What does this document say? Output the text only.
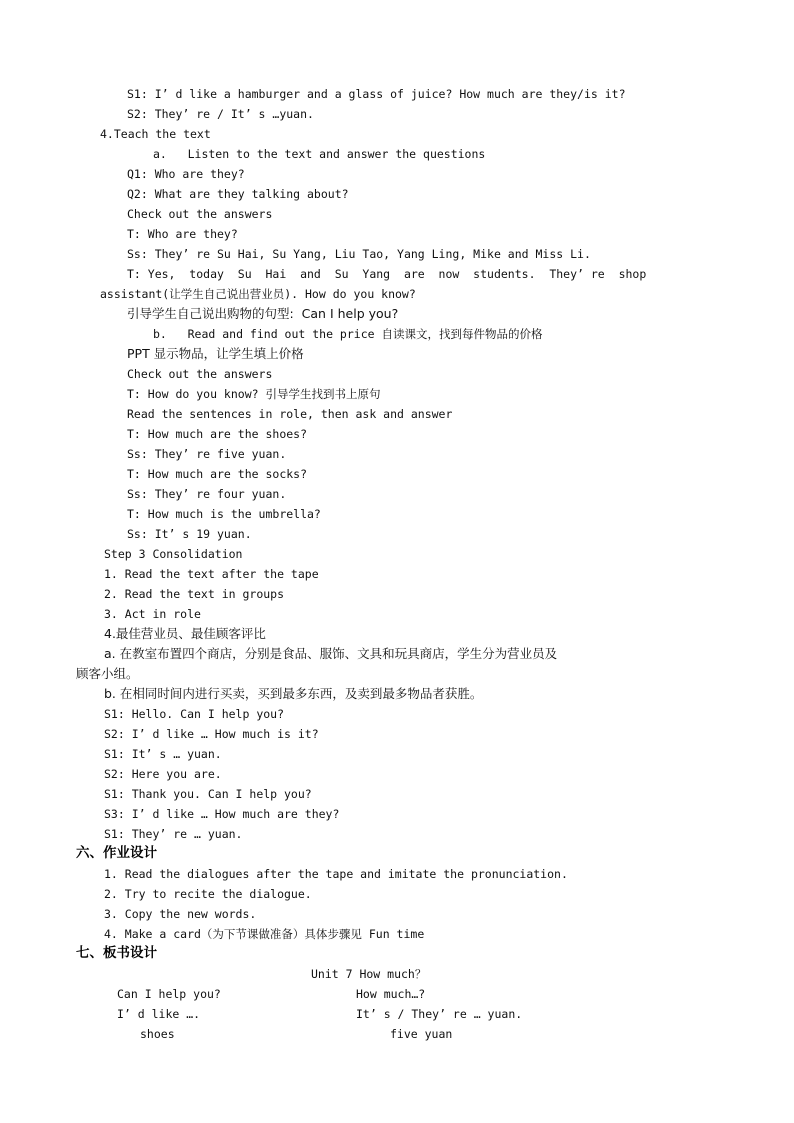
S1: I’ d like a hamburger and a glass of juice? How much are they/is it?
S2: They’ re / It’ s …yuan.
4.Teach the text
a.   Listen to the text and answer the questions
Q1: Who are they?
Q2: What are they talking about?
Check out the answers
T: Who are they?
Ss: They’ re Su Hai, Su Yang, Liu Tao, Yang Ling, Mike and Miss Li.
T: Yes,  today  Su  Hai  and  Su  Yang  are  now  students.  They’ re  shop
assistant(让学生自己说出营业员). How do you know?
引导学生自己说出购物的句型:  Can I help you?
b.   Read and find out the price 自读课文，找到每件物品的价格
PPT 显示物品，让学生填上价格
Check out the answers
T: How do you know? 引导学生找到书上原句
Read the sentences in role, then ask and answer
T: How much are the shoes?
Ss: They’ re five yuan.
T: How much are the socks?
Ss: They’ re four yuan.
T: How much is the umbrella?
Ss: It’ s 19 yuan.
Step 3 Consolidation
1. Read the text after the tape
2. Read the text in groups
3. Act in role
4.最佳营业员、最佳顾客评比
a. 在教室布置四个商店，分别是食品、服饰、文具和玩具商店，学生分为营业员及
顾客小组。
b. 在相同时间内进行买卖，买到最多东西，及卖到最多物品者获胜。
S1: Hello. Can I help you?
S2: I’ d like … How much is it?
S1: It’ s … yuan.
S2: Here you are.
S1: Thank you. Can I help you?
S3: I’ d like … How much are they?
S1: They’ re … yuan.
六、作业设计
1. Read the dialogues after the tape and imitate the pronunciation.
2. Try to recite the dialogue.
3. Copy the new words.
4. Make a card（为下节课做准备）具体步骤见 Fun time
七、板书设计
Unit 7 How much？
Can I help you?	How much…?
I’ d like ….	It’ s / They’ re … yuan.
shoes	five yuan
